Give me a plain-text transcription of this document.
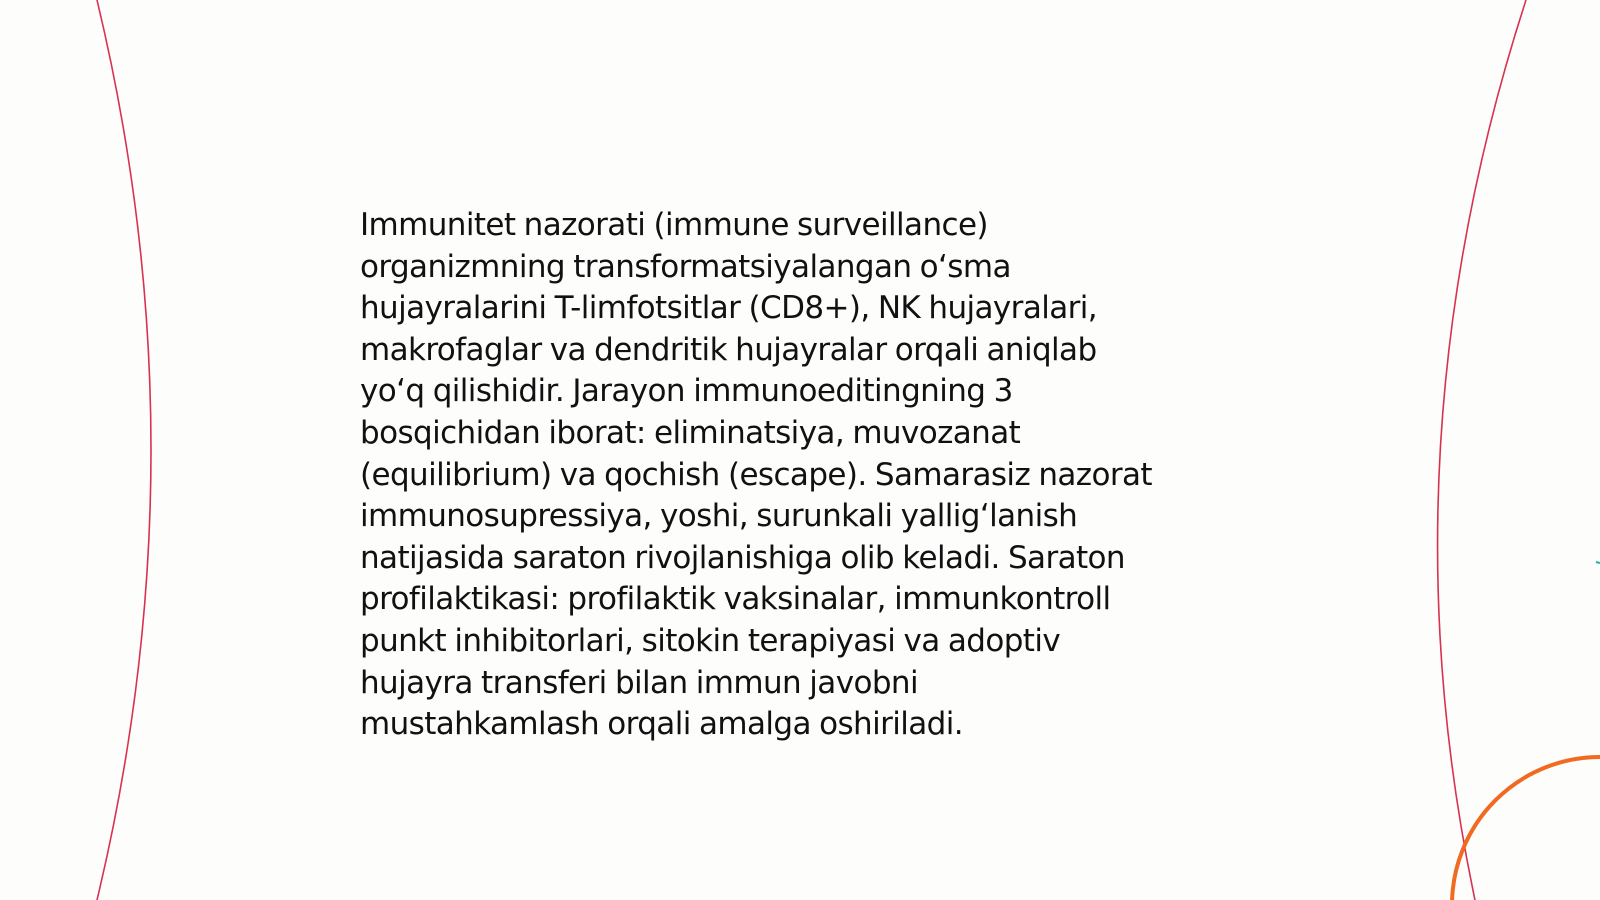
Immunitet nazorati (immune surveillance)
organizmning transformatsiyalangan o‘sma
hujayralarini T-limfotsitlar (CD8+), NK hujayralari,
makrofaglar va dendritik hujayralar orqali aniqlab
yo‘q qilishidir. Jarayon immunoeditingning 3
bosqichidan iborat: eliminatsiya, muvozanat
(equilibrium) va qochish (escape). Samarasiz nazorat
immunosupressiya, yoshi, surunkali yallig‘lanish
natijasida saraton rivojlanishiga olib keladi. Saraton
profilaktikasi: profilaktik vaksinalar, immunkontroll
punkt inhibitorlari, sitokin terapiyasi va adoptiv
hujayra transferi bilan immun javobni
mustahkamlash orqali amalga oshiriladi.
